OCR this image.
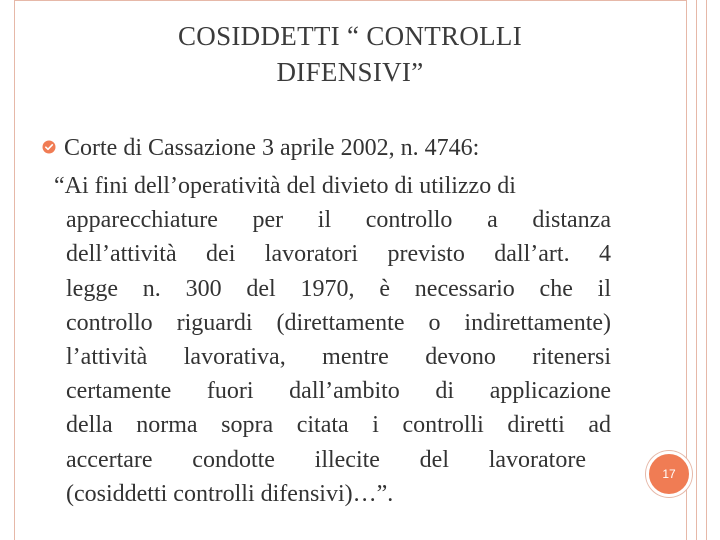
COSIDDETTI “ CONTROLLI
DIFENSIVI”
Corte di Cassazione 3 aprile 2002, n. 4746:
“Ai fini dell’operatività del divieto di utilizzo di
apparecchiature per il controllo a distanza
dell’attività dei lavoratori previsto dall’art. 4
legge n. 300 del 1970, è necessario che il
controllo riguardi (direttamente o indirettamente)
l’attività lavorativa, mentre devono ritenersi
certamente fuori dall’ambito di applicazione
della norma sopra citata i controlli diretti ad
accertare condotte illecite del lavoratore
(cosiddetti controlli difensivi)…”.
17
